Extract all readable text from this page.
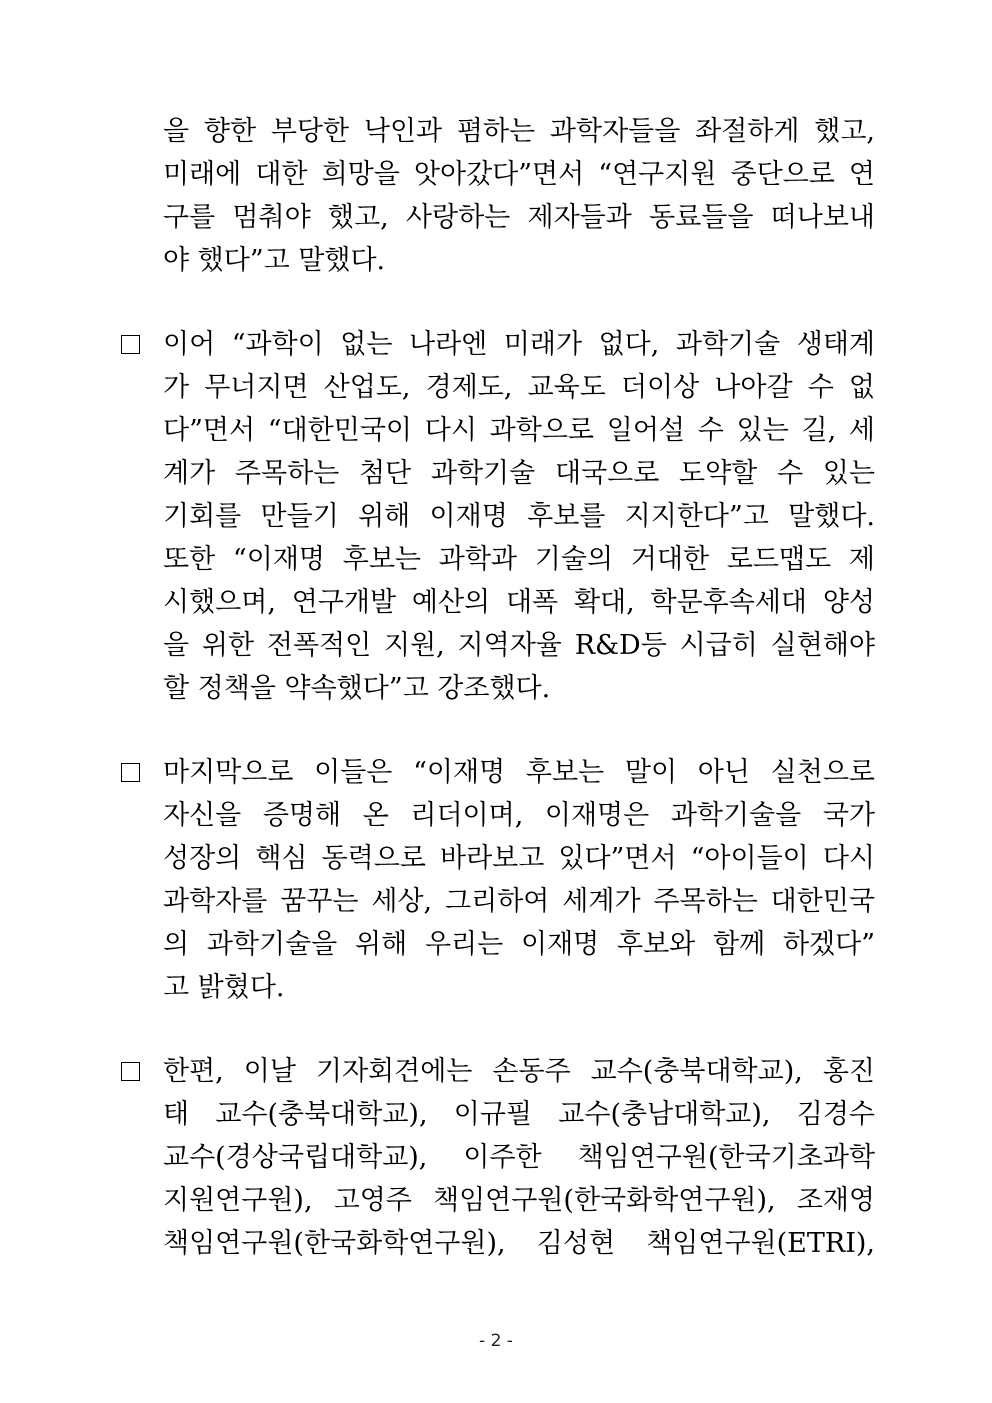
을 향한 부당한 낙인과 폄하는 과학자들을 좌절하게 했고,
미래에 대한 희망을 앗아갔다”면서 “연구지원 중단으로 연
구를 멈춰야 했고, 사랑하는 제자들과 동료들을 떠나보내
야 했다”고 말했다.
이어 “과학이 없는 나라엔 미래가 없다, 과학기술 생태계
가 무너지면 산업도, 경제도, 교육도 더이상 나아갈 수 없
다”면서 “대한민국이 다시 과학으로 일어설 수 있는 길, 세
계가 주목하는 첨단 과학기술 대국으로 도약할 수 있는
기회를 만들기 위해 이재명 후보를 지지한다”고 말했다.
또한 “이재명 후보는 과학과 기술의 거대한 로드맵도 제
시했으며, 연구개발 예산의 대폭 확대, 학문후속세대 양성
을 위한 전폭적인 지원, 지역자율 R&D등 시급히 실현해야
할 정책을 약속했다”고 강조했다.
마지막으로 이들은 “이재명 후보는 말이 아닌 실천으로
자신을 증명해 온 리더이며, 이재명은 과학기술을 국가
성장의 핵심 동력으로 바라보고 있다”면서 “아이들이 다시
과학자를 꿈꾸는 세상, 그리하여 세계가 주목하는 대한민국
의 과학기술을 위해 우리는 이재명 후보와 함께 하겠다”
고 밝혔다.
한편, 이날 기자회견에는 손동주 교수(충북대학교), 홍진
태 교수(충북대학교), 이규필 교수(충남대학교), 김경수
교수(경상국립대학교), 이주한 책임연구원(한국기초과학
지원연구원), 고영주 책임연구원(한국화학연구원), 조재영
책임연구원(한국화학연구원), 김성현 책임연구원(ETRI),
- 2 -
